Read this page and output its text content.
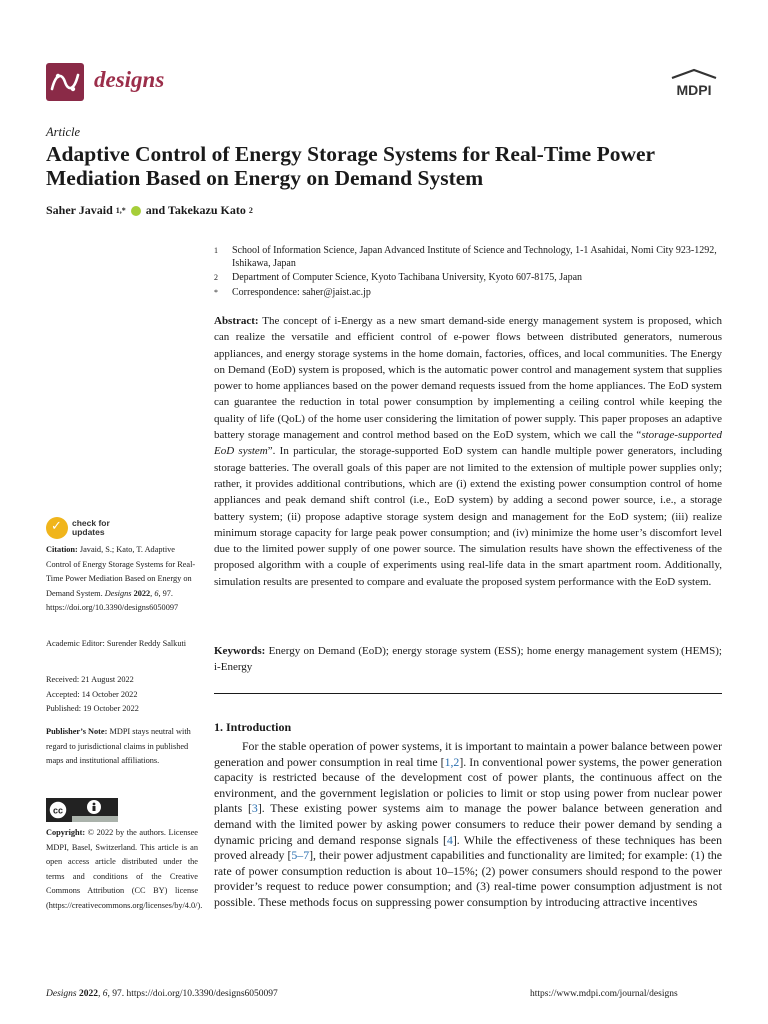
designs	MDPI
Article
Adaptive Control of Energy Storage Systems for Real-Time Power Mediation Based on Energy on Demand System
Saher Javaid 1,* and Takekazu Kato 2
1	School of Information Science, Japan Advanced Institute of Science and Technology, 1-1 Asahidai, Nomi City 923-1292, Ishikawa, Japan
2	Department of Computer Science, Kyoto Tachibana University, Kyoto 607-8175, Japan
*	Correspondence: saher@jaist.ac.jp
Abstract: The concept of i-Energy as a new smart demand-side energy management system is proposed, which can realize the versatile and efficient control of e-power flows between distributed generators, numerous appliances, and energy storage systems in the home domain, factories, offices, and local communities. The Energy on Demand (EoD) system is proposed, which is the automatic power control and management system that supplies power to home appliances based on the power demand requests issued from the home appliances. The EoD system can guarantee the reduction in total power consumption by implementing a ceiling control while keeping the quality of life (QoL) of the home user considering the limitation of power supply. This paper proposes an adaptive battery storage management and control method based on the EoD system, which we call the “storage-supported EoD system”. In particular, the storage-supported EoD system can handle multiple power generators, including storage batteries. The overall goals of this paper are not limited to the extension of multiple power supplies only; rather, it provides additional contributions, which are (i) extend the existing power consumption control of home appliances and peak demand shift control (i.e., EoD system) by adding a second power source, i.e., a storage battery system; (ii) propose adaptive storage system design and management for the EoD system; (iii) realize minimum storage capacity for large peak power consumption; and (iv) minimize the home user’s discomfort level due to the limited power supply of one power source. The simulation results have shown the effectiveness of the proposed algorithm with a couple of experiments using real-life data in the smart apartment room. Additionally, simulation results are presented to compare and evaluate the proposed system performance with the EoD system.
Keywords: Energy on Demand (EoD); energy storage system (ESS); home energy management system (HEMS); i-Energy
1. Introduction
For the stable operation of power systems, it is important to maintain a power balance between power generation and power consumption in real time [1,2]. In conventional power systems, the power generation capacity is restricted because of the development cost of power plants, the continuous affect on the environment, and the government legislation or policies to limit or stop using power from nuclear power plants [3]. These existing power systems aim to manage the power balance between generation and demand with the limited power by asking power consumers to reduce their power demand by sending a dynamic pricing and demand response signals [4]. While the effectiveness of these techniques has been proved already [5–7], their power adjustment capabilities and functionality are limited; for example: (1) the rate of power consumption reduction is about 10–15%; (2) power consumers should respond to the power provider’s request to reduce power consumption; and (3) real-time power consumption adjustment is not possible. These methods focus on suppressing power consumption by introducing attractive incentives
✓
check for
updates
Citation: Javaid, S.; Kato, T. Adaptive Control of Energy Storage Systems for Real-Time Power Mediation Based on Energy on Demand System. Designs 2022, 6, 97. https://doi.org/10.3390/designs6050097
Academic Editor: Surender Reddy Salkuti
Received: 21 August 2022
Accepted: 14 October 2022
Published: 19 October 2022
Publisher’s Note: MDPI stays neutral with regard to jurisdictional claims in published maps and institutional affiliations.
cc
Copyright: © 2022 by the authors. Licensee MDPI, Basel, Switzerland. This article is an open access article distributed under the terms and conditions of the Creative Commons Attribution (CC BY) license (https://creativecommons.org/licenses/by/4.0/).
Designs 2022, 6, 97. https://doi.org/10.3390/designs6050097	https://www.mdpi.com/journal/designs
